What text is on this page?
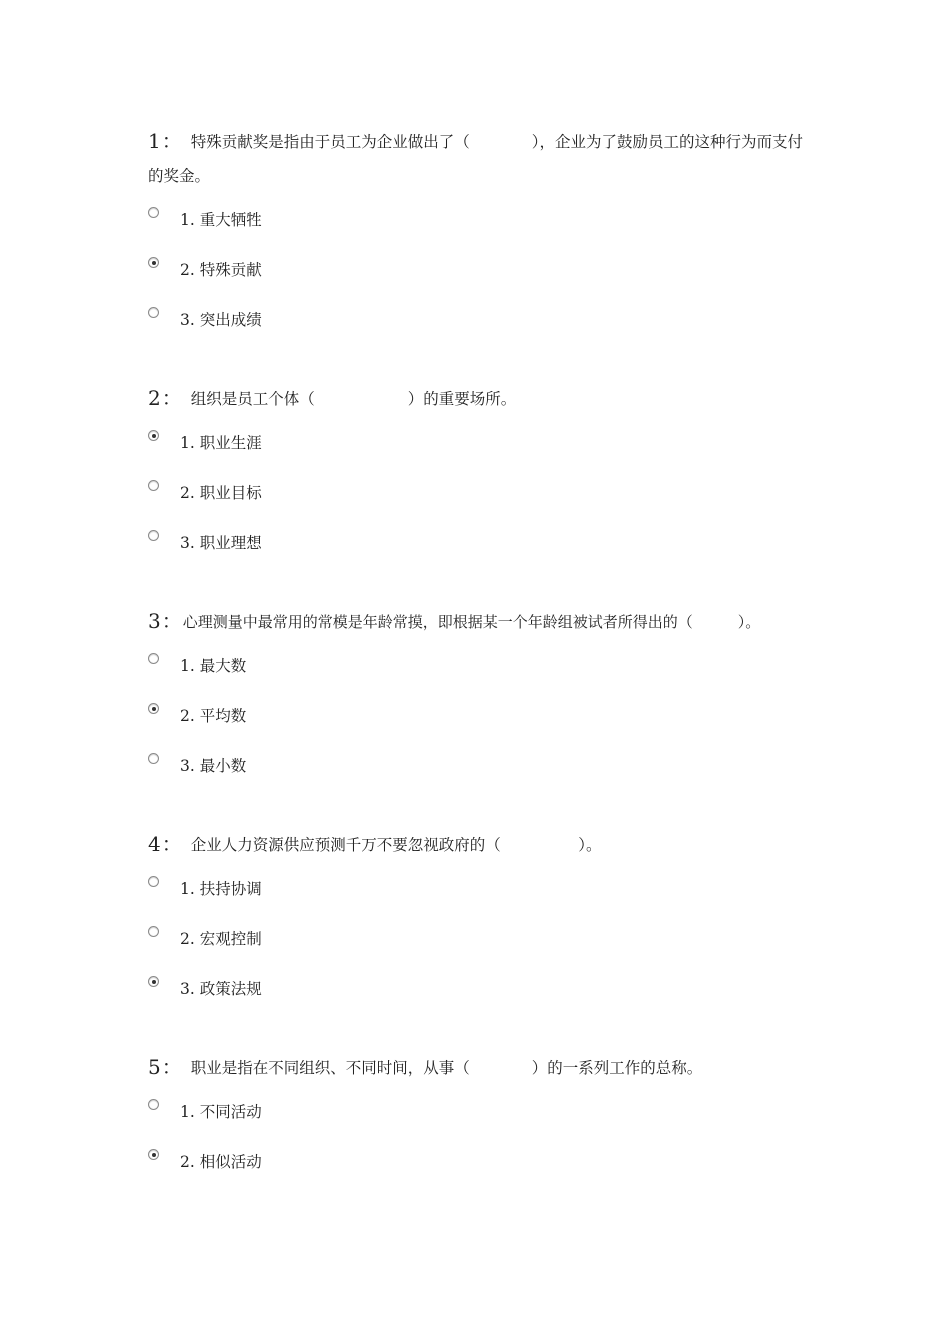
1： 特殊贡献奖是指由于员工为企业做出了（　　　　），企业为了鼓励员工的这种行为而支付的奖金。

1. 重大牺牲
2. 特殊贡献
3. 突出成绩

2： 组织是员工个体（　　　　　　）的重要场所。

1. 职业生涯
2. 职业目标
3. 职业理想

3：心理测量中最常用的常模是年龄常摸，即根据某一个年龄组被试者所得出的（　　　）。

1. 最大数
2. 平均数
3. 最小数

4： 企业人力资源供应预测千万不要忽视政府的（　　　　　）。

1. 扶持协调
2. 宏观控制
3. 政策法规

5： 职业是指在不同组织、不同时间，从事（　　　　）的一系列工作的总称。

1. 不同活动
2. 相似活动
